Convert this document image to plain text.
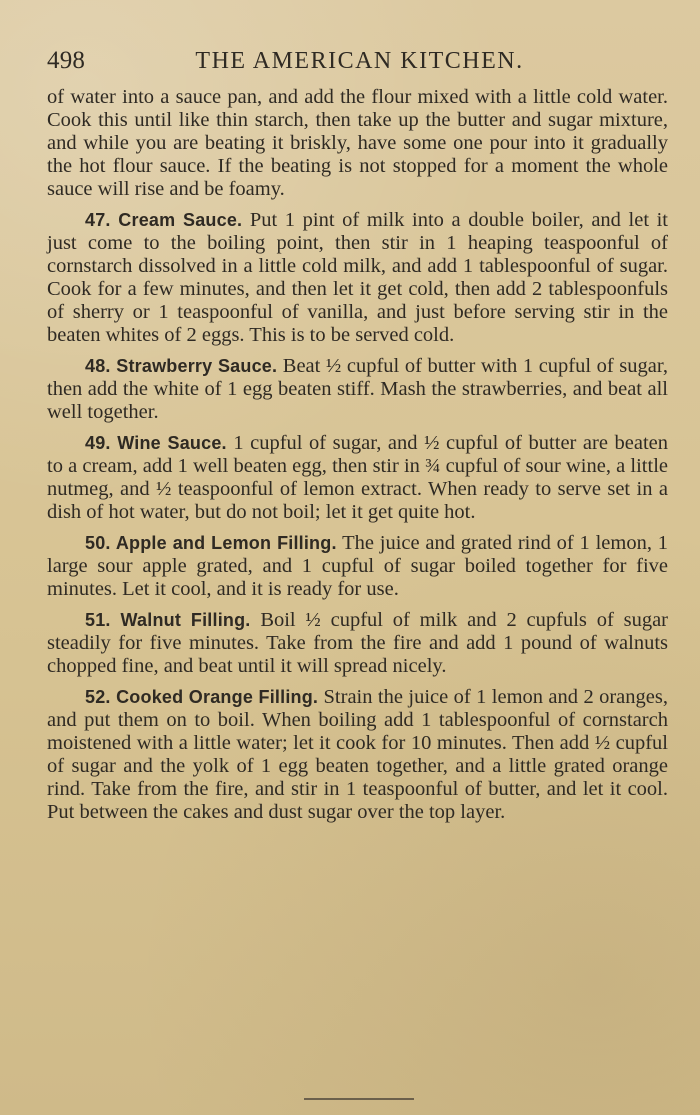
498	THE AMERICAN KITCHEN.

of water into a sauce pan, and add the flour mixed with a little cold water. Cook this until like thin starch, then take up the butter and sugar mixture, and while you are beating it briskly, have some one pour into it gradually the hot flour sauce. If the beating is not stopped for a moment the whole sauce will rise and be foamy.

47. Cream Sauce. Put 1 pint of milk into a double boiler, and let it just come to the boiling point, then stir in 1 heaping teaspoonful of cornstarch dissolved in a little cold milk, and add 1 tablespoonful of sugar. Cook for a few minutes, and then let it get cold, then add 2 tablespoonfuls of sherry or 1 teaspoonful of vanilla, and just before serving stir in the beaten whites of 2 eggs. This is to be served cold.

48. Strawberry Sauce. Beat ½ cupful of butter with 1 cupful of sugar, then add the white of 1 egg beaten stiff. Mash the strawberries, and beat all well together.

49. Wine Sauce. 1 cupful of sugar, and ½ cupful of butter are beaten to a cream, add 1 well beaten egg, then stir in ¾ cupful of sour wine, a little nutmeg, and ½ teaspoonful of lemon extract. When ready to serve set in a dish of hot water, but do not boil; let it get quite hot.

50. Apple and Lemon Filling. The juice and grated rind of 1 lemon, 1 large sour apple grated, and 1 cupful of sugar boiled together for five minutes. Let it cool, and it is ready for use.

51. Walnut Filling. Boil ½ cupful of milk and 2 cupfuls of sugar steadily for five minutes. Take from the fire and add 1 pound of walnuts chopped fine, and beat until it will spread nicely.

52. Cooked Orange Filling. Strain the juice of 1 lemon and 2 oranges, and put them on to boil. When boiling add 1 tablespoonful of cornstarch moistened with a little water; let it cook for 10 minutes. Then add ½ cupful of sugar and the yolk of 1 egg beaten together, and a little grated orange rind. Take from the fire, and stir in 1 teaspoonful of butter, and let it cool. Put between the cakes and dust sugar over the top layer.
